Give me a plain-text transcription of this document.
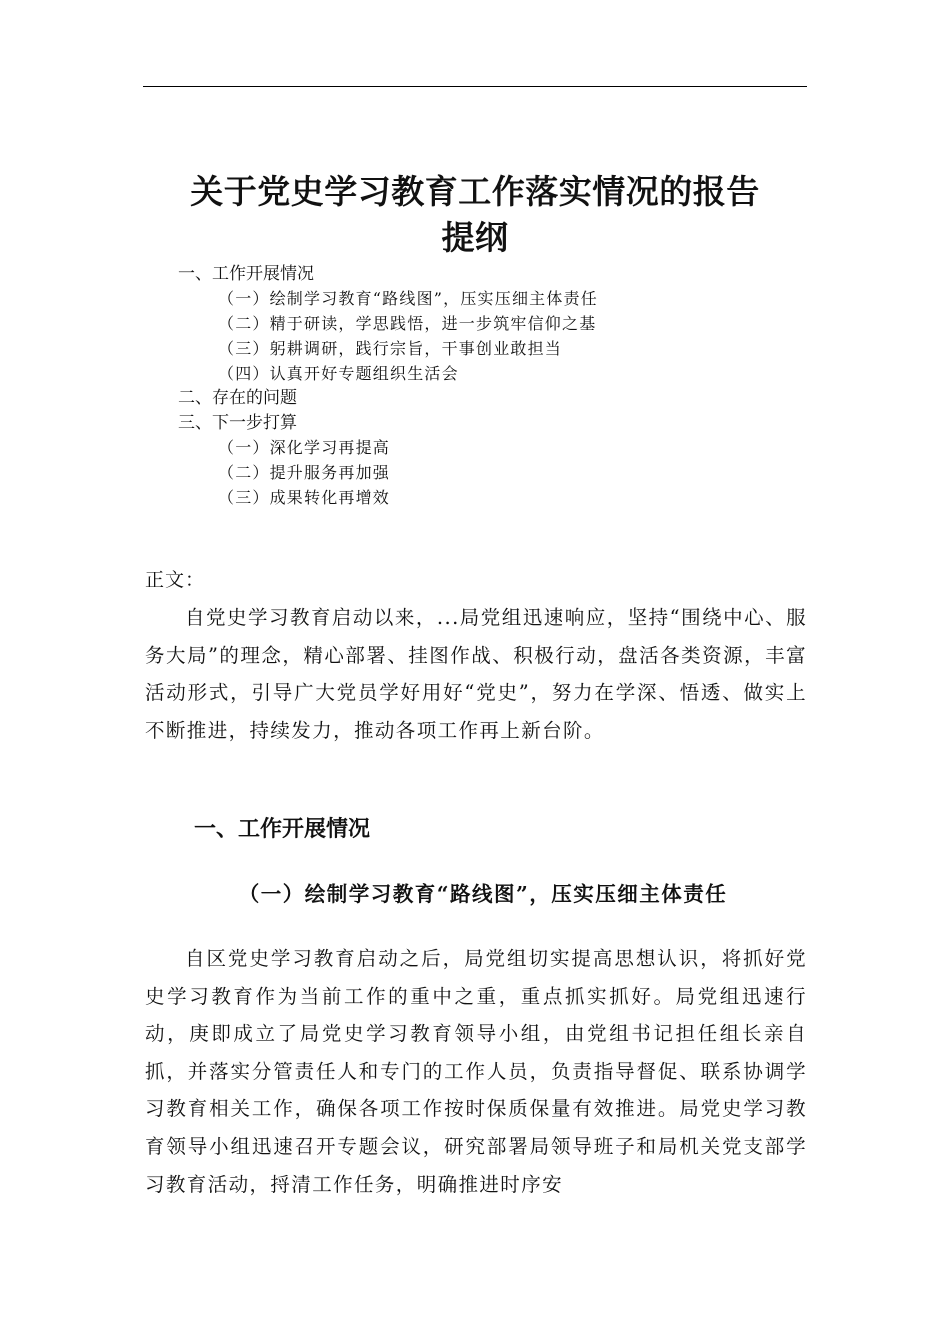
关于党史学习教育工作落实情况的报告
提纲
一、工作开展情况
（一）绘制学习教育“路线图”，压实压细主体责任
（二）精于研读，学思践悟，进一步筑牢信仰之基
（三）躬耕调研，践行宗旨，干事创业敢担当
（四）认真开好专题组织生活会
二、存在的问题
三、下一步打算
（一）深化学习再提高
（二）提升服务再加强
（三）成果转化再增效
正文：

自党史学习教育启动以来，...局党组迅速响应，坚持“围绕中心、服务大局”的理念，精心部署、挂图作战、积极行动，盘活各类资源，丰富活动形式，引导广大党员学好用好“党史”，努力在学深、悟透、做实上不断推进，持续发力，推动各项工作再上新台阶。

一、工作开展情况
（一）绘制学习教育“路线图”，压实压细主体责任

自区党史学习教育启动之后，局党组切实提高思想认识，将抓好党史学习教育作为当前工作的重中之重，重点抓实抓好。局党组迅速行动，庚即成立了局党史学习教育领导小组，由党组书记担任组长亲自抓，并落实分管责任人和专门的工作人员，负责指导督促、联系协调学习教育相关工作，确保各项工作按时保质保量有效推进。局党史学习教育领导小组迅速召开专题会议，研究部署局领导班子和局机关党支部学习教育活动，捋清工作任务，明确推进时序安
